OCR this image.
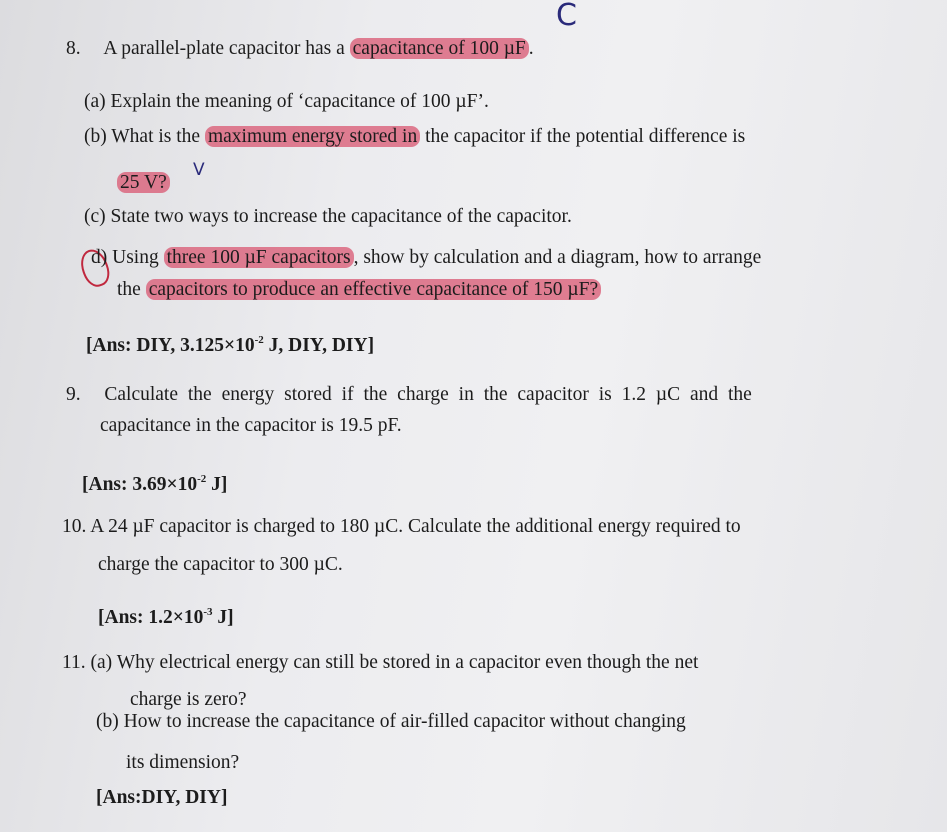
C
V
8. A parallel-plate capacitor has a capacitance of 100 µF .
(a) Explain the meaning of ‘capacitance of 100 µF’.
(b) What is the maximum energy stored in the capacitor if the potential difference is
25 V?
(c) State two ways to increase the capacitance of the capacitor.
d) Using three 100 µF capacitors , show by calculation and a diagram, how to arrange
the capacitors to produce an effective capacitance of 150 µF?
[Ans: DIY, $3.125\times 10^{-2}$ J, DIY, DIY]
9. Calculate the energy stored if the charge in the capacitor is 1.2 µC and the
capacitance in the capacitor is 19.5 pF.
[Ans: $3.69\times 10^{-2}$ J]
10. A 24 µF capacitor is charged to 180 µC. Calculate the additional energy required to
charge the capacitor to 300 µC.
[Ans: $1.2\times 10^{-3}$ J]
11. (a) Why electrical energy can still be stored in a capacitor even though the net
charge is zero?
(b) How to increase the capacitance of air-filled capacitor without changing
its dimension?
[Ans:DIY, DIY]
